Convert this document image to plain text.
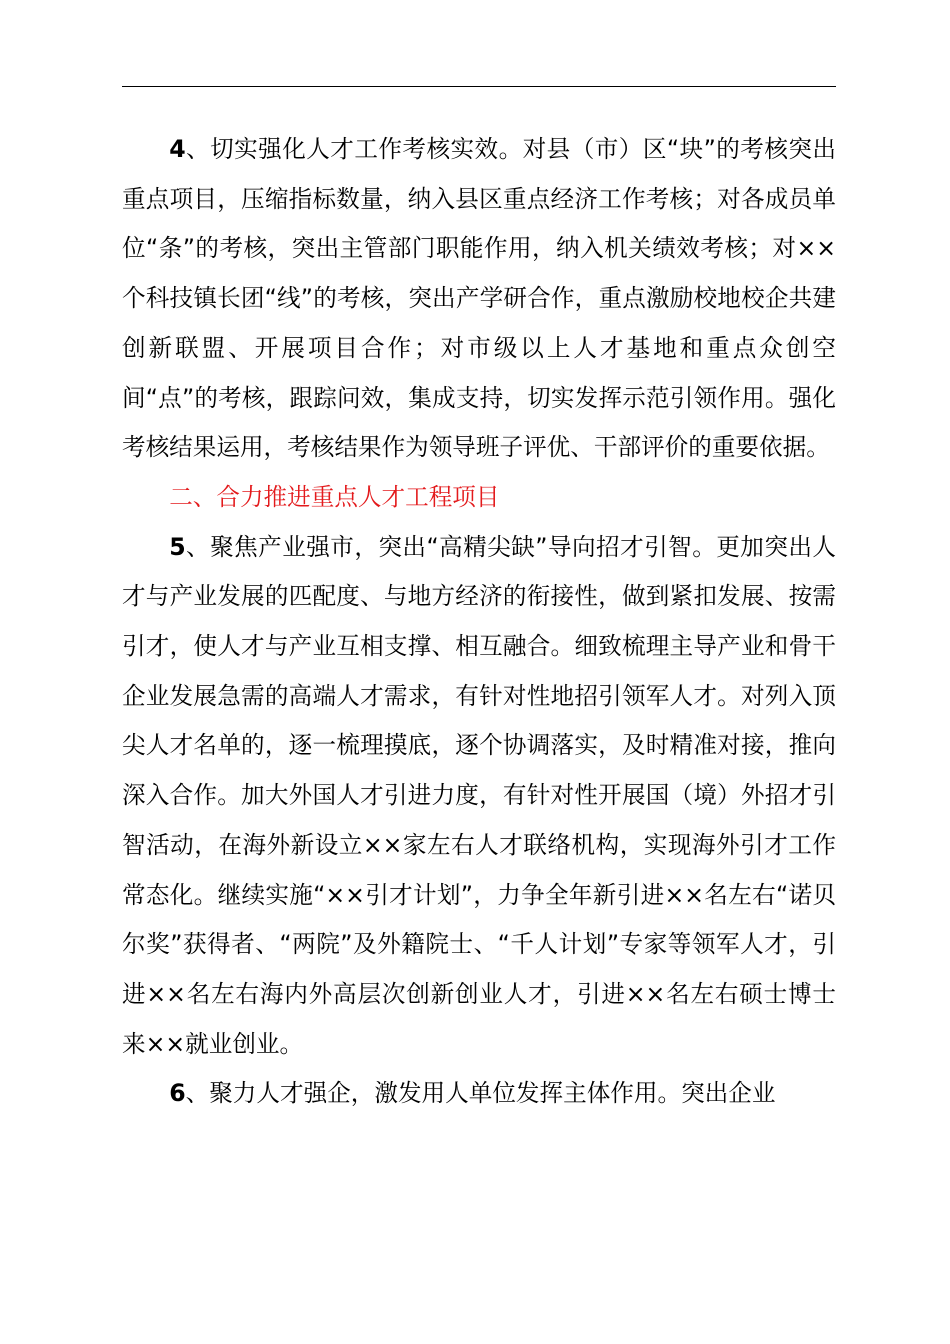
4、切实强化人才工作考核实效。对县（市）区“块”的考核突出重点项目，压缩指标数量，纳入县区重点经济工作考核；对各成员单位“条”的考核，突出主管部门职能作用，纳入机关绩效考核；对××个科技镇长团“线”的考核，突出产学研合作，重点激励校地校企共建创新联盟、开展项目合作；对市级以上人才基地和重点众创空间“点”的考核，跟踪问效，集成支持，切实发挥示范引领作用。强化考核结果运用，考核结果作为领导班子评优、干部评价的重要依据。

二、合力推进重点人才工程项目

5、聚焦产业强市，突出“高精尖缺”导向招才引智。更加突出人才与产业发展的匹配度、与地方经济的衔接性，做到紧扣发展、按需引才，使人才与产业互相支撑、相互融合。细致梳理主导产业和骨干企业发展急需的高端人才需求，有针对性地招引领军人才。对列入顶尖人才名单的，逐一梳理摸底，逐个协调落实，及时精准对接，推向深入合作。加大外国人才引进力度，有针对性开展国（境）外招才引智活动，在海外新设立××家左右人才联络机构，实现海外引才工作常态化。继续实施“××引才计划”，力争全年新引进××名左右“诺贝尔奖”获得者、“两院”及外籍院士、“千人计划”专家等领军人才，引进××名左右海内外高层次创新创业人才，引进××名左右硕士博士来××就业创业。

6、聚力人才强企，激发用人单位发挥主体作用。突出企业
